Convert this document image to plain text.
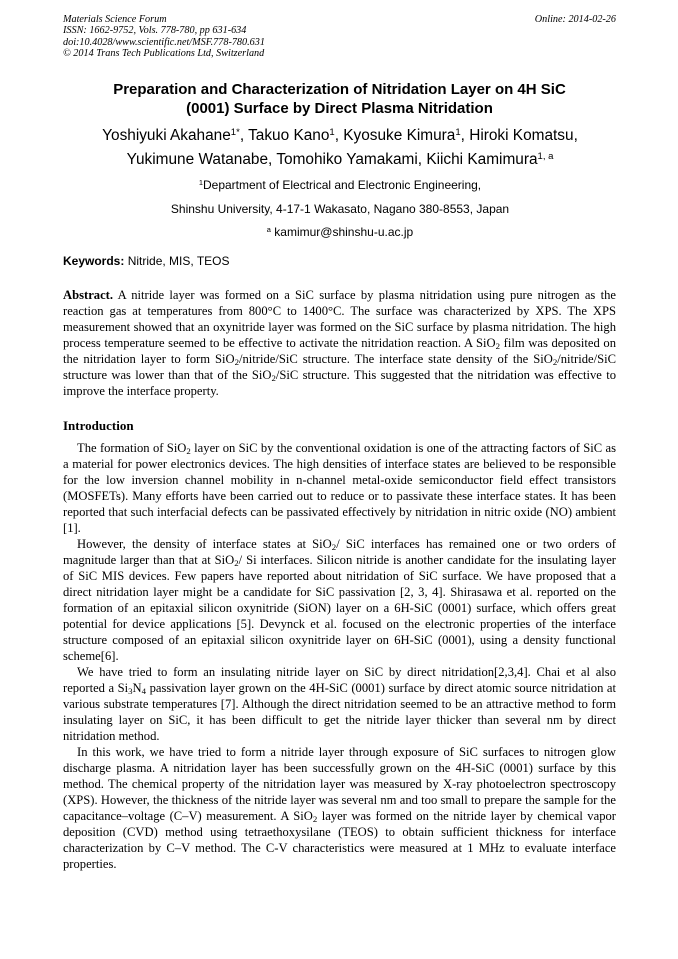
Materials Science Forum
ISSN: 1662-9752, Vols. 778-780, pp 631-634
doi:10.4028/www.scientific.net/MSF.778-780.631
© 2014 Trans Tech Publications Ltd, Switzerland
Online: 2014-02-26
Preparation and Characterization of Nitridation Layer on 4H SiC
(0001) Surface by Direct Plasma Nitridation
Yoshiyuki Akahane$^{1*}$, Takuo Kano$^1$, Kyosuke Kimura$^1$, Hiroki Komatsu,
Yukimune Watanabe, Tomohiko Yamakami, Kiichi Kamimura$^{1, a}$
$^1$Department of Electrical and Electronic Engineering,
Shinshu University, 4-17-1 Wakasato, Nagano 380-8553, Japan
$^a$ kamimur@shinshu-u.ac.jp
Keywords: Nitride, MIS, TEOS

Abstract. A nitride layer was formed on a SiC surface by plasma nitridation using pure nitrogen as the reaction gas at temperatures from 800°C to 1400°C. The surface was characterized by XPS. The XPS measurement showed that an oxynitride layer was formed on the SiC surface by plasma nitridation. The high process temperature seemed to be effective to activate the nitridation reaction. A SiO$_2$ film was deposited on the nitridation layer to form SiO$_2$/nitride/SiC structure. The interface state density of the SiO$_2$/nitride/SiC structure was lower than that of the SiO$_2$/SiC structure. This suggested that the nitridation was effective to improve the interface property.

Introduction

The formation of SiO$_2$ layer on SiC by the conventional oxidation is one of the attracting factors of SiC as a material for power electronics devices. The high densities of interface states are believed to be responsible for the low inversion channel mobility in n-channel metal-oxide semiconductor field effect transistors (MOSFETs). Many efforts have been carried out to reduce or to passivate these interface states. It has been reported that such interfacial defects can be passivated effectively by nitridation in nitric oxide (NO) ambient [1].

However, the density of interface states at SiO$_2$/ SiC interfaces has remained one or two orders of magnitude larger than that at SiO$_2$/ Si interfaces. Silicon nitride is another candidate for the insulating layer of SiC MIS devices. Few papers have reported about nitridation of SiC surface. We have proposed that a direct nitridation layer might be a candidate for SiC passivation [2, 3, 4]. Shirasawa et al. reported on the formation of an epitaxial silicon oxynitride (SiON) layer on a 6H-SiC (0001) surface, which offers great potential for device applications [5]. Devynck et al. focused on the electronic properties of the interface structure composed of an epitaxial silicon oxynitride layer on 6H-SiC (0001), using a density functional scheme[6].

We have tried to form an insulating nitride layer on SiC by direct nitridation[2,3,4]. Chai et al also reported a $Si_3N_4$ passivation layer grown on the 4H-SiC (0001) surface by direct atomic source nitridation at various substrate temperatures [7]. Although the direct nitridation seemed to be an attractive method to form insulating layer on SiC, it has been difficult to get the nitride layer thicker than several nm by direct nitridation method.

In this work, we have tried to form a nitride layer through exposure of SiC surfaces to nitrogen glow discharge plasma. A nitridation layer has been successfully grown on the 4H-SiC (0001) surface by this method. The chemical property of the nitridation layer was measured by X-ray photoelectron spectroscopy (XPS). However, the thickness of the nitride layer was several nm and too small to prepare the sample for the capacitance–voltage (C–V) measurement. A SiO$_2$ layer was formed on the nitride layer by chemical vapor deposition (CVD) method using tetraethoxysilane (TEOS) to obtain sufficient thickness for interface characterization by C–V method. The C-V characteristics were measured at 1 MHz to evaluate interface properties.
